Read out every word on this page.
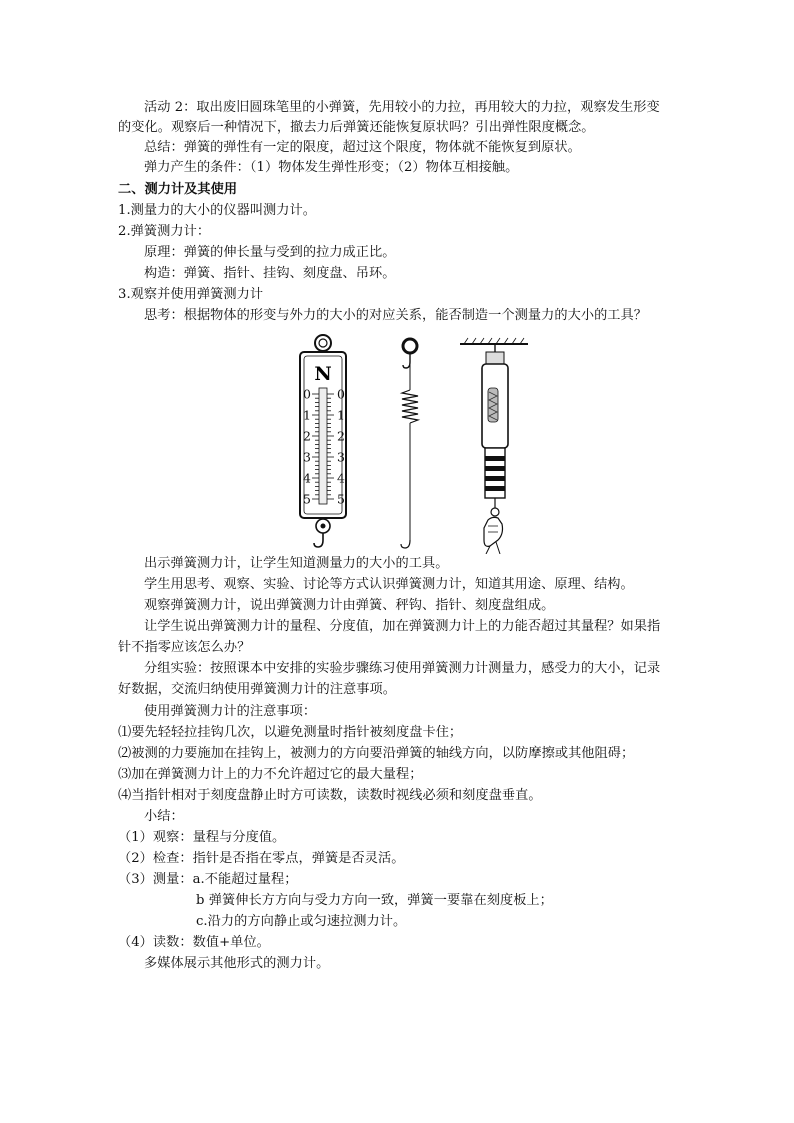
活动 2：取出废旧圆珠笔里的小弹簧，先用较小的力拉，再用较大的力拉，观察发生形变
的变化。观察后一种情况下，撤去力后弹簧还能恢复原状吗？引出弹性限度概念。
总结：弹簧的弹性有一定的限度，超过这个限度，物体就不能恢复到原状。
弹力产生的条件：（1）物体发生弹性形变；（2）物体互相接触。
二、测力计及其使用
1.测量力的大小的仪器叫测力计。
2.弹簧测力计：
原理：弹簧的伸长量与受到的拉力成正比。
构造：弹簧、指针、挂钩、刻度盘、吊环。
3.观察并使用弹簧测力计
思考：根据物体的形变与外力的大小的对应关系，能否制造一个测量力的大小的工具？
N
0 0
1 1
2 2
3 3
4 4
5 5
出示弹簧测力计，让学生知道测量力的大小的工具。
学生用思考、观察、实验、讨论等方式认识弹簧测力计，知道其用途、原理、结构。
观察弹簧测力计，说出弹簧测力计由弹簧、秤钩、指针、刻度盘组成。
让学生说出弹簧测力计的量程、分度值，加在弹簧测力计上的力能否超过其量程？如果指
针不指零应该怎么办？
分组实验：按照课本中安排的实验步骤练习使用弹簧测力计测量力，感受力的大小，记录
好数据，交流归纳使用弹簧测力计的注意事项。
使用弹簧测力计的注意事项：
⑴要先轻轻拉挂钩几次，以避免测量时指针被刻度盘卡住；
⑵被测的力要施加在挂钩上，被测力的方向要沿弹簧的轴线方向，以防摩擦或其他阻碍；
⑶加在弹簧测力计上的力不允许超过它的最大量程；
⑷当指针相对于刻度盘静止时方可读数，读数时视线必须和刻度盘垂直。
小结：
（1）观察：量程与分度值。
（2）检查：指针是否指在零点，弹簧是否灵活。
（3）测量：a.不能超过量程；
b 弹簧伸长方方向与受力方向一致，弹簧一要靠在刻度板上；
c.沿力的方向静止或匀速拉测力计。
（4）读数：数值+单位。
多媒体展示其他形式的测力计。
